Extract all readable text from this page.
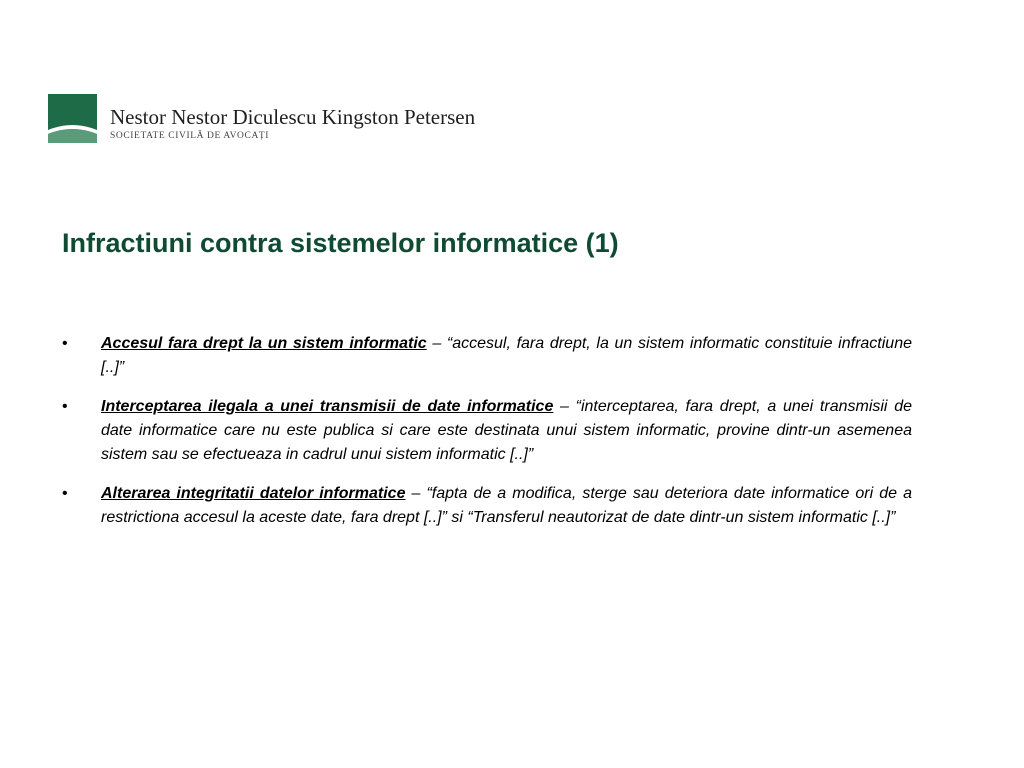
Nestor Nestor Diculescu Kingston Petersen
SOCIETATE CIVILĂ DE AVOCAȚI
Infractiuni contra sistemelor informatice (1)
•	Accesul fara drept la un sistem informatic – “accesul, fara drept, la un sistem informatic constituie infractiune [..]”
•	Interceptarea ilegala a unei transmisii de date informatice – “interceptarea, fara drept, a unei transmisii de date informatice care nu este publica si care este destinata unui sistem informatic, provine dintr-un asemenea sistem sau se efectueaza in cadrul unui sistem informatic [..]”
•	Alterarea integritatii datelor informatice – “fapta de a modifica, sterge sau deteriora date informatice ori de a restrictiona accesul la aceste date, fara drept [..]” si “Transferul neautorizat de date dintr-un sistem informatic [..]”
